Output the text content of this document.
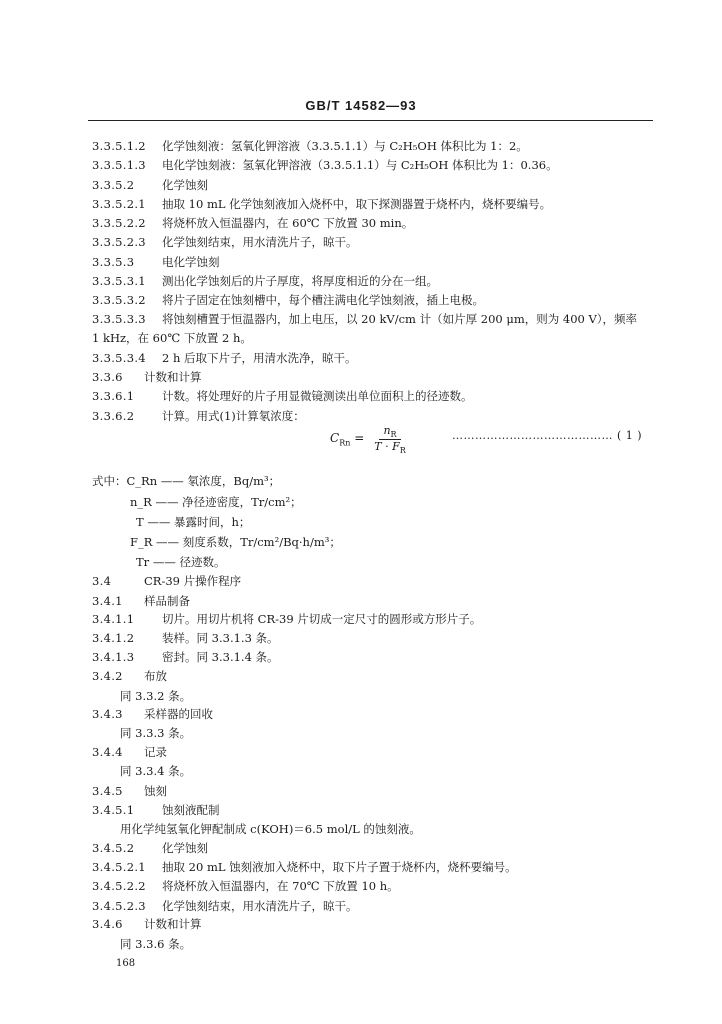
GB/T 14582—93
3.3.5.1.2 化学蚀刻液：氢氧化钾溶液（3.3.5.1.1）与 C₂H₅OH 体积比为 1：2。
3.3.5.1.3 电化学蚀刻液：氢氧化钾溶液（3.3.5.1.1）与 C₂H₅OH 体积比为 1：0.36。
3.3.5.2 化学蚀刻
3.3.5.2.1 抽取 10 mL 化学蚀刻液加入烧杯中，取下探测器置于烧杯内，烧杯要编号。
3.3.5.2.2 将烧杯放入恒温器内，在 60℃ 下放置 30 min。
3.3.5.2.3 化学蚀刻结束，用水清洗片子，晾干。
3.3.5.3 电化学蚀刻
3.3.5.3.1 测出化学蚀刻后的片子厚度，将厚度相近的分在一组。
3.3.5.3.2 将片子固定在蚀刻槽中，每个槽注满电化学蚀刻液，插上电极。
3.3.5.3.3 将蚀刻槽置于恒温器内，加上电压，以 20 kV/cm 计（如片厚 200 μm，则为 400 V），频率
1 kHz，在 60℃ 下放置 2 h。
3.3.5.3.4 2 h 后取下片子，用清水洗净，晾干。
3.3.6 计数和计算
3.3.6.1 计数。将处理好的片子用显微镜测读出单位面积上的径迹数。
3.3.6.2 计算。用式(1)计算氡浓度：
$C_{Rn} = \frac{n_R}{T \cdot F_R}$	…………………………………… ( 1 )
式中：C_Rn —— 氡浓度，Bq/m³；
n_R —— 净径迹密度，Tr/cm²；
T —— 暴露时间，h；
F_R —— 刻度系数，Tr/cm²/Bq·h/m³；
Tr —— 径迹数。
3.4	CR-39 片操作程序
3.4.1 样品制备
3.4.1.1 切片。用切片机将 CR-39 片切成一定尺寸的圆形或方形片子。
3.4.1.2 装样。同 3.3.1.3 条。
3.4.1.3 密封。同 3.3.1.4 条。
3.4.2 布放
同 3.3.2 条。
3.4.3 采样器的回收
同 3.3.3 条。
3.4.4 记录
同 3.3.4 条。
3.4.5 蚀刻
3.4.5.1 蚀刻液配制
用化学纯氢氧化钾配制成 c(KOH)＝6.5 mol/L 的蚀刻液。
3.4.5.2 化学蚀刻
3.4.5.2.1 抽取 20 mL 蚀刻液加入烧杯中，取下片子置于烧杯内，烧杯要编号。
3.4.5.2.2 将烧杯放入恒温器内，在 70℃ 下放置 10 h。
3.4.5.2.3 化学蚀刻结束，用水清洗片子，晾干。
3.4.6 计数和计算
同 3.3.6 条。
168
